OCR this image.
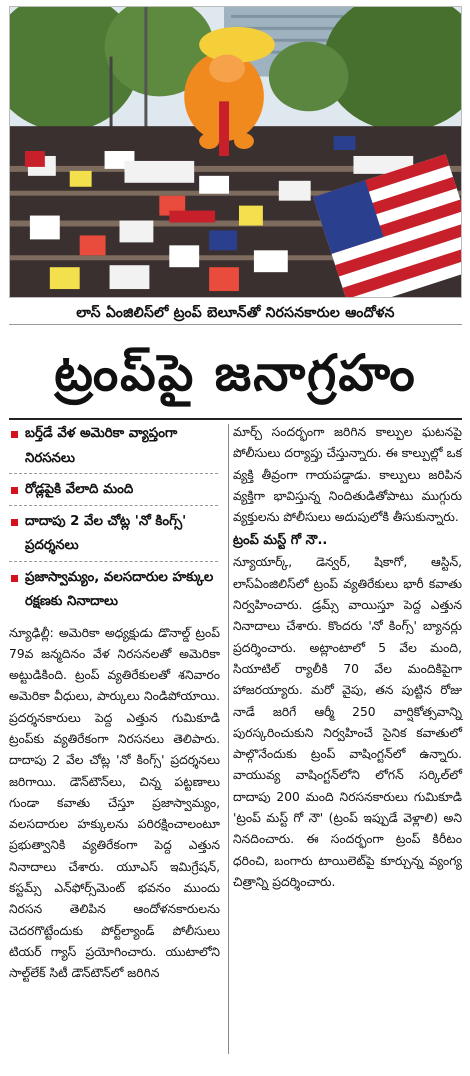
లాస్ ఏంజిలిస్‌లో ట్రంప్ బెలూన్‌తో నిరసనకారుల ఆందోళన
ట్రంప్‌పై జనాగ్రహం
బర్త్‌డే వేళ అమెరికా వ్యాప్తంగా నిరసనలు
రోడ్లపైకి వేలాది మంది
దాదాపు 2 వేల చోట్ల 'నో కింగ్స్' ప్రదర్శనలు
ప్రజాస్వామ్యం, వలసదారుల హక్కుల రక్షణకు నినాదాలు

న్యూఢిల్లీ: అమెరికా అధ్యక్షుడు డొనాల్డ్ ట్రంప్ 79వ జన్మదినం వేళ నిరసనలతో అమెరికా అట్టుడికింది. ట్రంప్ వ్యతిరేకులతో శనివారం అమెరికా వీధులు, పార్కులు నిండిపోయాయి. ప్రదర్శనకారులు పెద్ద ఎత్తున గుమికూడి ట్రంప్‌కు వ్యతిరేకంగా నిరసనలు తెలిపారు. దాదాపు 2 వేల చోట్ల 'నో కింగ్స్' ప్రదర్శనలు జరిగాయి. డౌన్‌టౌన్‌లు, చిన్న పట్టణాలు గుండా కవాతు చేస్తూ ప్రజాస్వామ్యం, వలసదారుల హక్కులను పరిరక్షించాలంటూ ప్రభుత్వానికి వ్యతిరేకంగా పెద్ద ఎత్తున నినాదాలు చేశారు. యూఎస్ ఇమిగ్రేషన్, కస్టమ్స్ ఎన్‌ఫోర్స్‌మెంట్ భవనం ముందు నిరసన తెలిపిన ఆందోళనకారులను చెదరగొట్టేందుకు పోర్ట్‌ల్యాండ్ పోలీసులు టియర్ గ్యాస్ ప్రయోగించారు. యుటాలోని సాల్ట్‌లేక్ సిటీ డౌన్‌టౌన్‌లో జరిగిన

మార్చ్ సందర్భంగా జరిగిన కాల్పుల ఘటనపై పోలీసులు దర్యాప్తు చేస్తున్నారు. ఈ కాల్పుల్లో ఒక వ్యక్తి తీవ్రంగా గాయపడ్డాడు. కాల్పులు జరిపిన వ్యక్తిగా భావిస్తున్న నిందితుడితోపాటు ముగ్గురు వ్యక్తులను పోలీసులు అదుపులోకి తీసుకున్నారు.

ట్రంప్ మస్ట్ గో నౌ..

న్యూయార్క్, డెన్వర్, షికాగో, ఆస్టిన్, లాస్ఏంజిలిస్‌లో ట్రంప్ వ్యతిరేకులు భారీ కవాతు నిర్వహించారు. డ్రమ్స్ వాయిస్తూ పెద్ద ఎత్తున నినాదాలు చేశారు. కొందరు 'నో కింగ్స్' బ్యానర్లు ప్రదర్శించారు. అట్లాంటాలో 5 వేల మంది, సియాటిల్ ర్యాలీకి 70 వేల మందికిపైగా హాజరయ్యారు. మరో వైపు, తన పుట్టిన రోజు నాడే జరిగే ఆర్మీ 250 వార్షికోత్సవాన్ని పురస్కరించుకుని నిర్వహించే సైనిక కవాతులో పాల్గొనేందుకు ట్రంప్ వాషింగ్టన్‌లో ఉన్నారు. వాయువ్య వాషింగ్టన్‌లోని లోగన్ సర్కిల్‌లో దాదాపు 200 మంది నిరసనకారులు గుమికూడి 'ట్రంప్ మస్ట్ గో నౌ' (ట్రంప్ ఇప్పుడే వెళ్లాలి) అని నినదించారు. ఈ సందర్భంగా ట్రంప్ కిరీటం ధరించి, బంగారు టాయిలెట్‌పై కూర్చున్న వ్యంగ్య చిత్రాన్ని ప్రదర్శించారు.
